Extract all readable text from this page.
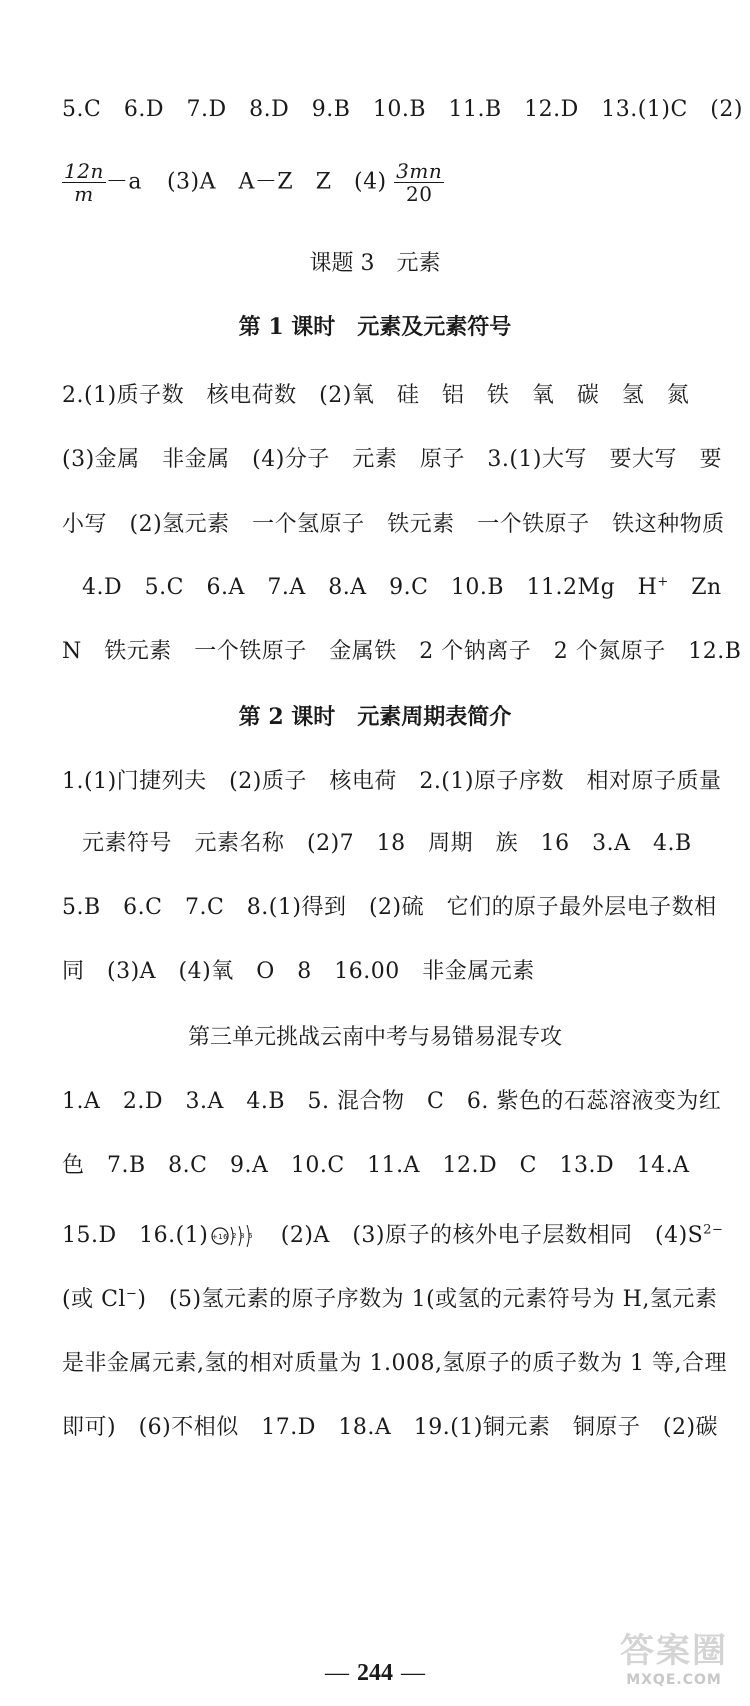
5.C　6.D　7.D　8.D　9.B　10.B　11.B　12.D　13.(1)C　(2)
$\frac{12n}{m} -a$ (3)A　A－Z　Z　$(4) \frac{3mn}{20}$
课题 3　元素
第 1 课时　元素及元素符号
2.(1)质子数　核电荷数　(2)氧　硅　铝　铁　氧　碳　氢　氮
(3)金属　非金属　(4)分子　元素　原子　3.(1)大写　要大写　要
小写　(2)氢元素　一个氢原子　铁元素　一个铁原子　铁这种物质
4.D　5.C　6.A　7.A　8.A　9.C　10.B　11.2Mg　H+　Zn
N　铁元素　一个铁原子　金属铁　2 个钠离子　2 个氮原子　12.B
第 2 课时　元素周期表简介
1.(1)门捷列夫　(2)质子　核电荷　2.(1)原子序数　相对原子质量
元素符号　元素名称　(2)7　18　周期　族　16　3.A　4.B
5.B　6.C　7.C　8.(1)得到　(2)硫　它们的原子最外层电子数相
同　(3)A　(4)氧　O　8　16.00　非金属元素
第三单元挑战云南中考与易错易混专攻
1.A　2.D　3.A　4.B　5. 混合物　C　6. 紫色的石蕊溶液变为红
色　7.B　8.C　9.A　10.C　11.A　12.D　C　13.D　14.A
15.D　16.(1) +16 2 8 6 　(2)A　(3)原子的核外电子层数相同　$(4)S^{2-}$
(或 Cl−)　(5)氢元素的原子序数为 1(或氢的元素符号为 H,氢元素
是非金属元素,氢的相对质量为 1.008,氢原子的质子数为 1 等,合理
即可)　(6)不相似　17.D　18.A　19.(1)铜元素　铜原子　(2)碳
— 244 —
答案圈
MXQE.COM
